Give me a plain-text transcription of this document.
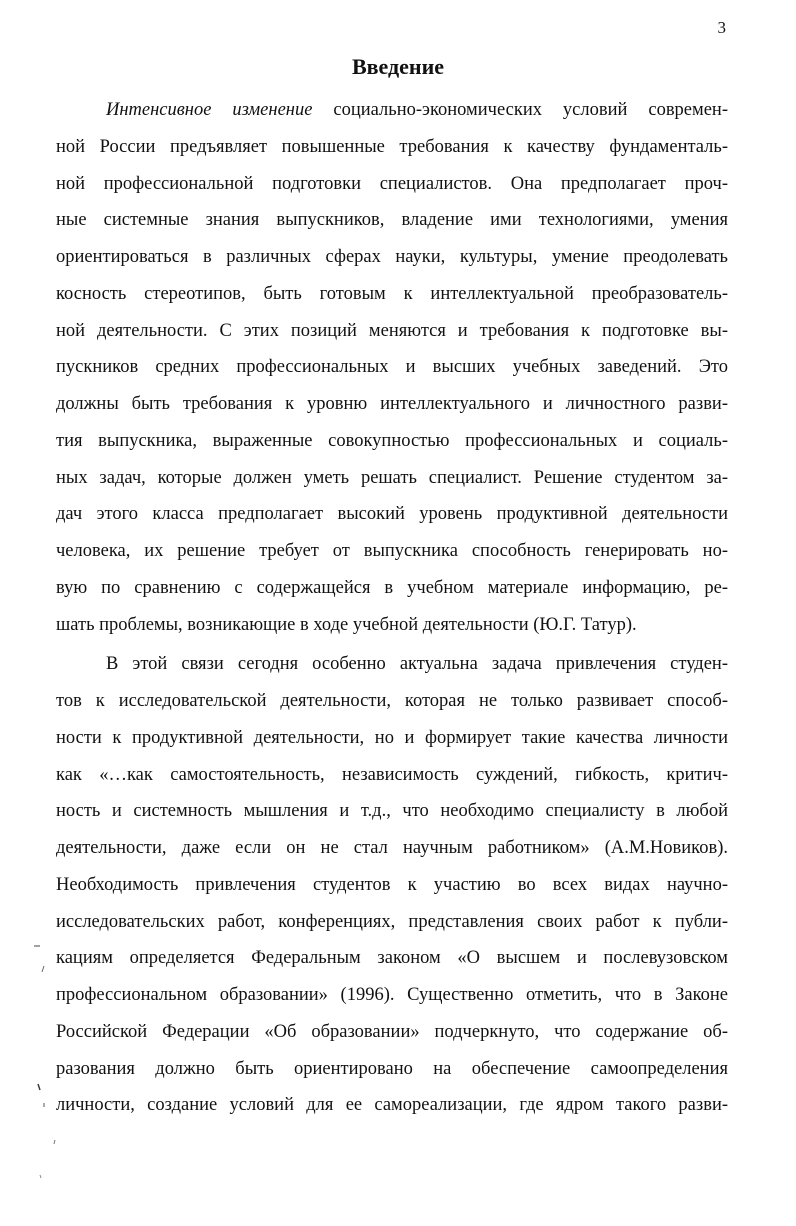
3
Введение
Интенсивное изменение социально-экономических условий современ-
ной России предъявляет повышенные требования к качеству фундаменталь-
ной профессиональной подготовки специалистов. Она предполагает проч-
ные системные знания выпускников, владение ими технологиями, умения
ориентироваться в различных сферах науки, культуры, умение преодолевать
косность стереотипов, быть готовым к интеллектуальной преобразователь-
ной деятельности. С этих позиций меняются и требования к подготовке вы-
пускников средних профессиональных и высших учебных заведений. Это
должны быть требования к уровню интеллектуального и личностного разви-
тия выпускника, выраженные совокупностью профессиональных и социаль-
ных задач, которые должен уметь решать специалист. Решение студентом за-
дач этого класса предполагает высокий уровень продуктивной деятельности
человека, их решение требует от выпускника способность генерировать но-
вую по сравнению с содержащейся в учебном материале информацию, ре-
шать проблемы, возникающие в ходе учебной деятельности (Ю.Г. Татур).
В этой связи сегодня особенно актуальна задача привлечения студен-
тов к исследовательской деятельности, которая не только развивает способ-
ности к продуктивной деятельности, но и формирует такие качества личности
как «…как самостоятельность, независимость суждений, гибкость, критич-
ность и системность мышления и т.д., что необходимо специалисту в любой
деятельности, даже если он не стал научным работником» (А.М.Новиков).
Необходимость привлечения студентов к участию во всех видах научно-
исследовательских работ, конференциях, представления своих работ к публи-
кациям определяется Федеральным законом «О высшем и послевузовском
профессиональном образовании» (1996). Существенно отметить, что в Законе
Российской Федерации «Об образовании» подчеркнуто, что содержание об-
разования должно быть ориентировано на обеспечение самоопределения
личности, создание условий для ее самореализации, где ядром такого разви-
